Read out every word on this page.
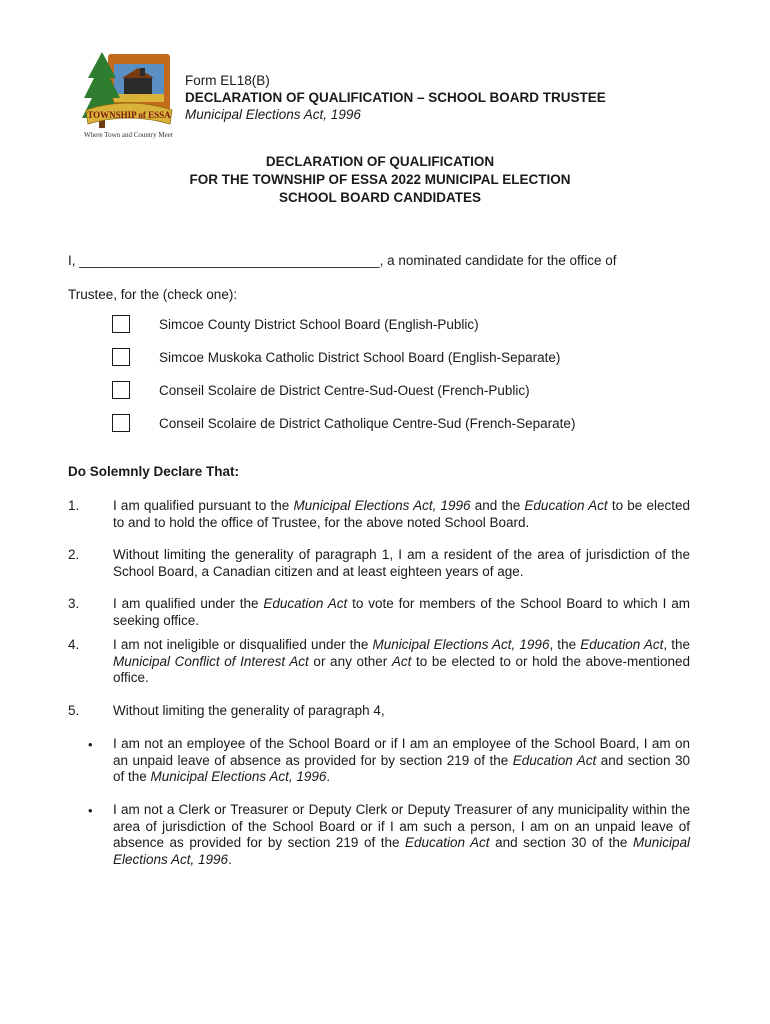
TOWNSHIP of ESSA
Where Town and Country Meet
Form EL18(B)
DECLARATION OF QUALIFICATION – SCHOOL BOARD TRUSTEE
Municipal Elections Act, 1996
DECLARATION OF QUALIFICATION
FOR THE TOWNSHIP OF ESSA 2022 MUNICIPAL ELECTION
SCHOOL BOARD CANDIDATES
I, ________________________________________, a nominated candidate for the office of
Trustee, for the (check one):
Simcoe County District School Board (English-Public)
Simcoe Muskoka Catholic District School Board (English-Separate)
Conseil Scolaire de District Centre-Sud-Ouest (French-Public)
Conseil Scolaire de District Catholique Centre-Sud (French-Separate)
Do Solemnly Declare That:
1. I am qualified pursuant to the Municipal Elections Act, 1996 and the Education Act to be elected to and to hold the office of Trustee, for the above noted School Board.
2. Without limiting the generality of paragraph 1, I am a resident of the area of jurisdiction of the School Board, a Canadian citizen and at least eighteen years of age.
3. I am qualified under the Education Act to vote for members of the School Board to which I am seeking office.
4. I am not ineligible or disqualified under the Municipal Elections Act, 1996, the Education Act, the Municipal Conflict of Interest Act or any other Act to be elected to or hold the above-mentioned office.
5. Without limiting the generality of paragraph 4,
• I am not an employee of the School Board or if I am an employee of the School Board, I am on an unpaid leave of absence as provided for by section 219 of the Education Act and section 30 of the Municipal Elections Act, 1996.
• I am not a Clerk or Treasurer or Deputy Clerk or Deputy Treasurer of any municipality within the area of jurisdiction of the School Board or if I am such a person, I am on an unpaid leave of absence as provided for by section 219 of the Education Act and section 30 of the Municipal Elections Act, 1996.
